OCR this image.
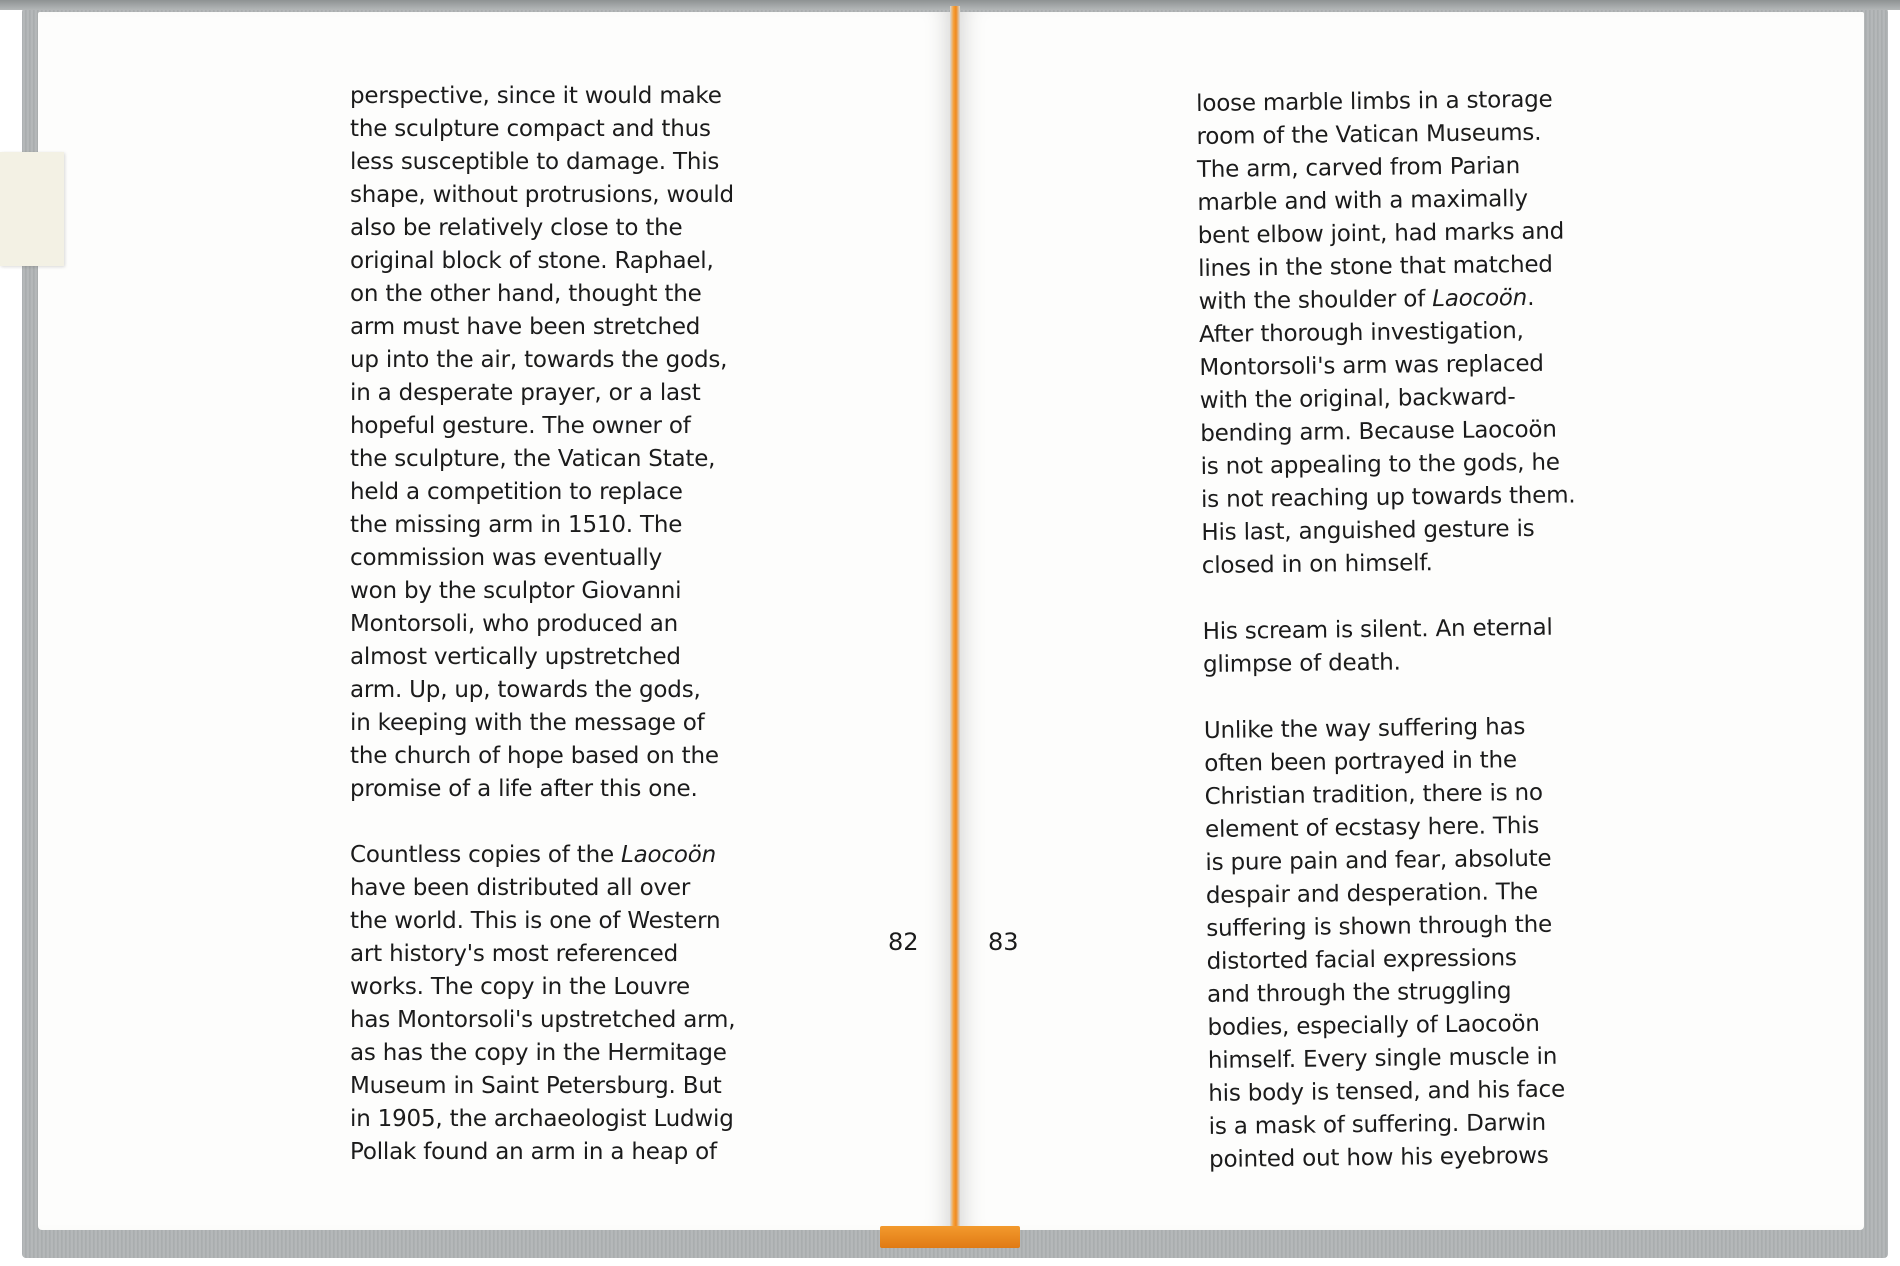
perspective, since it would make
the sculpture compact and thus
less susceptible to damage. This
shape, without protrusions, would
also be relatively close to the
original block of stone. Raphael,
on the other hand, thought the
arm must have been stretched
up into the air, towards the gods,
in a desperate prayer, or a last
hopeful gesture. The owner of
the sculpture, the Vatican State,
held a competition to replace
the missing arm in 1510. The
commission was eventually
won by the sculptor Giovanni
Montorsoli, who produced an
almost vertically upstretched
arm. Up, up, towards the gods,
in keeping with the message of
the church of hope based on the
promise of a life after this one.
Countless copies of the Laocoön
have been distributed all over
the world. This is one of Western
art history's most referenced
works. The copy in the Louvre
has Montorsoli's upstretched arm,
as has the copy in the Hermitage
Museum in Saint Petersburg. But
in 1905, the archaeologist Ludwig
Pollak found an arm in a heap of

loose marble limbs in a storage
room of the Vatican Museums.
The arm, carved from Parian
marble and with a maximally
bent elbow joint, had marks and
lines in the stone that matched
with the shoulder of Laocoön.
After thorough investigation,
Montorsoli's arm was replaced
with the original, backward-
bending arm. Because Laocoön
is not appealing to the gods, he
is not reaching up towards them.
His last, anguished gesture is
closed in on himself.
His scream is silent. An eternal
glimpse of death.
Unlike the way suffering has
often been portrayed in the
Christian tradition, there is no
element of ecstasy here. This
is pure pain and fear, absolute
despair and desperation. The
suffering is shown through the
distorted facial expressions
and through the struggling
bodies, especially of Laocoön
himself. Every single muscle in
his body is tensed, and his face
is a mask of suffering. Darwin
pointed out how his eyebrows

82	83
